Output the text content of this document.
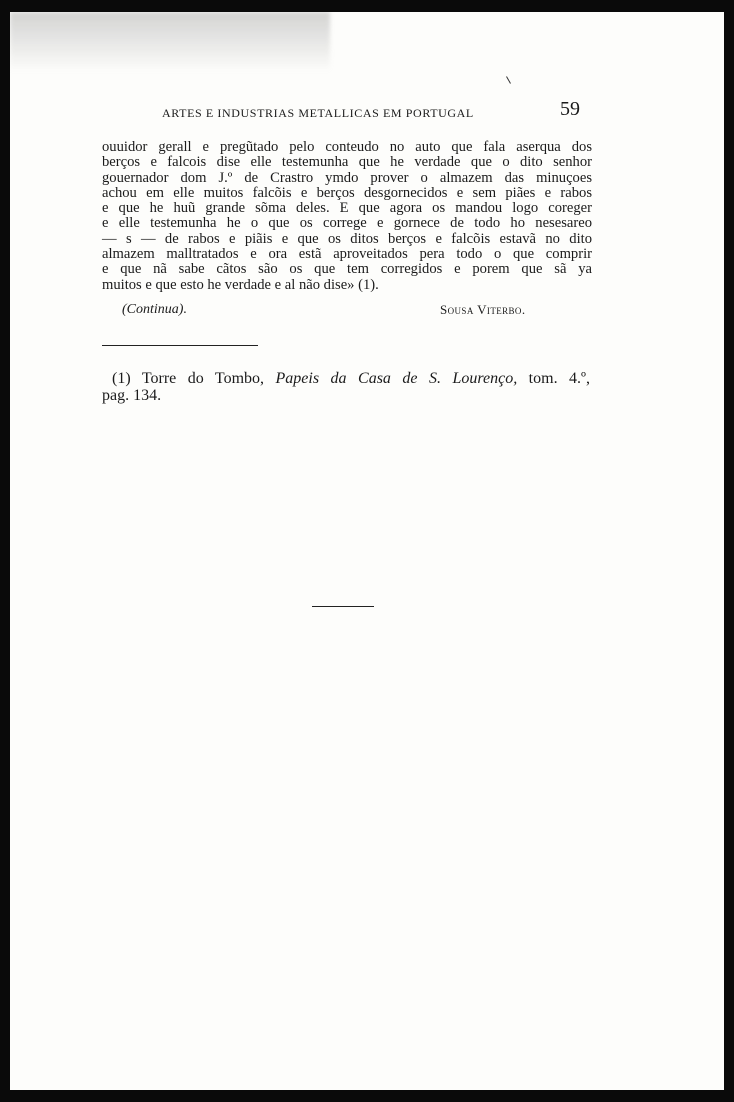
ARTES E INDUSTRIAS METALLICAS EM PORTUGAL	59
ouuidor gerall e pregũtado pelo conteudo no auto que fala aserqua dos
berços e falcois dise elle testemunha que he verdade que o dito senhor
gouernador dom J.º de Crastro ymdo prover o almazem das minuçoes
achou em elle muitos falcõis e berços desgornecidos e sem piães e rabos
e que he huũ grande sõma deles. E que agora os mandou logo coreger
e elle testemunha he o que os correge e gornece de todo ho nesesareo
— s — de rabos e piãis e que os ditos berços e falcõis estavã no dito
almazem malltratados e ora estã aproveitados pera todo o que comprir
e que nã sabe cãtos são os que tem corregidos e porem que sã ya
muitos e que esto he verdade e al não dise» (1).
(Continua).	Sousa Viterbo.
(1) Torre do Tombo, Papeis da Casa de S. Lourenço, tom. 4.º,
pag. 134.
